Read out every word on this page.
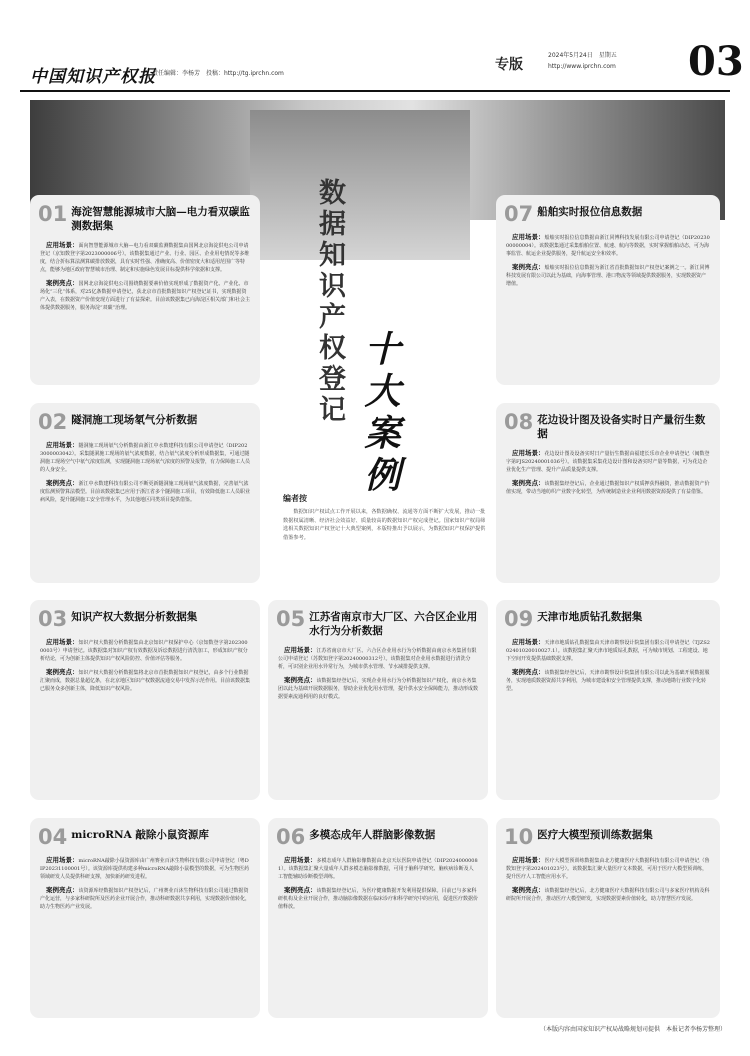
中国知识产权报
责任编辑：李杨芳　投稿：http://tg.iprchn.com
专版
2024年5月24日　星期五
http://www.iprchn.com 03
数据知识产权登记 十大案例
编者按

数据知识产权试点工作开展以来，各数据确权、流通等方面不断扩大发展，推动一批数据权属清晰、经济社会效益好、质量较高的数据知识产权完成登记。国家知识产权局筛选相关数据知识产权登记十大典型案例，本版特推出予以展示，为数据知识产权保护提供借鉴参考。

01 海淀智慧能源城市大脑—电力看双碳监测数据集

应用场景：面向智慧能源城市大脑—电力看双碳监测数据集由国网北京海淀供电公司申请登记（京知数登字第2023000006号）。该数据集通过产业、行业、园区、企业用电情况等多维度，结合折标算法测算碳排放数据，具有实时性强、准确度高、价值密度大和适用范围广等特点，能够为地区政府智慧城市治理、制定和实施绿色发展目标提供科学依据和支撑。

案例亮点：国网北京海淀供电公司围绕数据要素价值实现形成了数据资产化、产业化、市场化“三化”体系，对25亿条数据申请登记，获北京市首批数据知识产权登记证书，实现数据资产入表，在数据资产价值变现方面进行了有益探索。目前该数据集已向海淀区相关部门和社会主体提供数据服务，服务海淀“双碳”治理。

02 隧洞施工现场氡气分析数据

应用场景：隧洞施工现场氡气分析数据由浙江中水数建科技有限公司申请登记（DIP2023000003042）。采集隧洞施工现场的氡气浓度数据，结合氡气浓度分析形成数据集，可通过隧洞施工现场空气中氡气浓度监测，实现隧洞施工现场氡气浓度的预警及报警，有力保障施工人员的人身安全。

案例亮点：浙江中水数建科技有限公司不断更新隧洞施工现场氡气浓度数据，完善氡气浓度监测预警算法模型。目前该数据集已应用于浙江省多个隧洞施工项目，有效降低施工人员职业病风险，提升隧洞施工安全管理水平，为其他地区同类项目提供借鉴。

03 知识产权大数据分析数据集

应用场景：知识产权大数据分析数据集由北京知识产权保护中心（京知数登字第2023000003号）申请登记。该数据集对知识产权有效数据及诉讼数据进行清洗加工，形成知识产权分析结论，可为创新主体提供知识产权风险防控、价值评估等服务。

案例亮点：知识产权大数据分析数据集将北京市首批数据知识产权登记，由多个行业数据汇聚而成，数据总量超亿条，在北京地区知识产权数据流通交易中发挥示范作用。目前该数据集已服务众多创新主体，降低知识产权风险。

04 microRNA 敲除小鼠资源库

应用场景：microRNA敲除小鼠资源库由广州赛业百沐生物科技有限公司申请登记（粤DIP20231100001号）。该资源库提供构建多种microRNA敲除小鼠模型的数据，可为生物医药领域研发人员提供科研支撑，加快新药研发进程。

案例亮点：该资源库经数据知识产权登记后，广州赛业百沐生物科技有限公司通过数据资产化运营，与多家科研院所及医药企业开展合作，推动科研数据共享利用，实现数据价值转化，助力生物医药产业发展。

05 江苏省南京市大厂区、六合区企业用水行为分析数据

应用场景：江苏省南京市大厂区、六合区企业用水行为分析数据由南京水务集团有限公司申请登记（苏数知登字第20240000312号）。该数据集对企业用水数据进行清洗分析，可识别企业用水异常行为，为城市供水管理、节水减排提供支撑。

案例亮点：该数据集经登记后，实现企业用水行为分析数据知识产权化，南京水务集团以此为基础开展数据服务，帮助企业优化用水管理，提升供水安全保障能力，推动形成数据要素流通利用的良好模式。

06 多模态成年人群脑影像数据

应用场景：多模态成年人群脑影像数据由北京天坛医院申请登记（DIP20240000081）。该数据集汇聚大量成年人群多模态脑影像数据，可用于脑科学研究、脑疾病诊断及人工智能辅助诊断模型训练。

案例亮点：该数据集经登记后，为医疗健康数据开发利用提供保障。目前已与多家科研机构及企业开展合作，推动脑影像数据在临床诊疗和科学研究中的应用，促进医疗数据价值释放。

07 船舶实时报位信息数据

应用场景：船舶实时报位信息数据由浙江同博科技发展有限公司申请登记（DIP2023000000004）。该数据集通过采集船舶位置、航速、航向等数据，实时掌握船舶动态，可为海事监管、航运企业提供服务，提升航运安全和效率。

案例亮点：船舶实时报位信息数据为浙江省首批数据知识产权登记案例之一。浙江同博科技发展有限公司以此为基础，向海事管理、港口物流等领域提供数据服务，实现数据资产增值。

08 花边设计图及设备实时日产量衍生数据

应用场景：花边设计图及设备实时日产量衍生数据由福建长乐市企业申请登记（闽数登字第FJS20240001036号）。该数据集采集花边设计图和设备实时产量等数据，可为花边企业优化生产管理、提升产品质量提供支撑。

案例亮点：该数据集经登记后，企业通过数据知识产权质押获得融资，推动数据资产价值实现，带动当地纺织产业数字化转型，为传统制造业企业利用数据资源提供了有益借鉴。

09 天津市地质钻孔数据集

应用场景：天津市地质钻孔数据集由天津市勘察设计院集团有限公司申请登记（TJZS202401020010027.1）。该数据集汇聚天津市地质钻孔数据，可为城市规划、工程建设、地下空间开发提供基础数据支撑。

案例亮点：该数据集经登记后，天津市勘察设计院集团有限公司以此为基础开展数据服务，实现地质数据资源共享利用，为城市建设和安全管理提供支撑，推动地勘行业数字化转型。

10 医疗大模型预训练数据集

应用场景：医疗大模型预训练数据集由北方健康医疗大数据科技有限公司申请登记（鲁数知登字第202401023号）。该数据集汇聚大量医疗文本数据，可用于医疗大模型预训练，提升医疗人工智能应用水平。

案例亮点：该数据集经登记后，北方健康医疗大数据科技有限公司与多家医疗机构及科研院所开展合作，推动医疗大模型研发，实现数据要素价值转化，助力智慧医疗发展。

（本版内容由国家知识产权局战略规划司提供　本报记者李杨芳整理）
